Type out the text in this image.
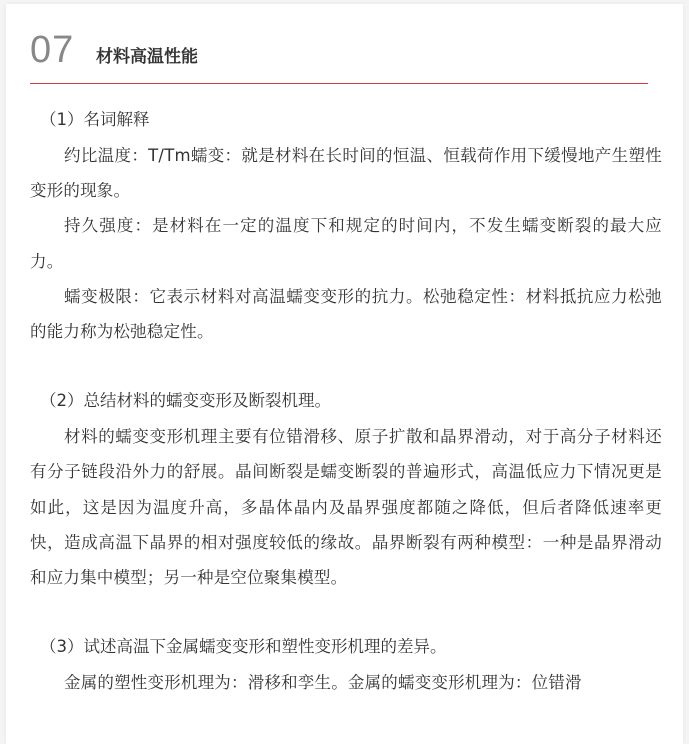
07 材料高温性能

（1）名词解释

约比温度：T/Tm蠕变：就是材料在长时间的恒温、恒载荷作用下缓慢地产生塑性变形的现象。

持久强度：是材料在一定的温度下和规定的时间内，不发生蠕变断裂的最大应力。

蠕变极限：它表示材料对高温蠕变变形的抗力。松弛稳定性：材料抵抗应力松弛的能力称为松弛稳定性。

（2）总结材料的蠕变变形及断裂机理。

材料的蠕变变形机理主要有位错滑移、原子扩散和晶界滑动，对于高分子材料还有分子链段沿外力的舒展。晶间断裂是蠕变断裂的普遍形式，高温低应力下情况更是如此，这是因为温度升高，多晶体晶内及晶界强度都随之降低，但后者降低速率更快，造成高温下晶界的相对强度较低的缘故。晶界断裂有两种模型：一种是晶界滑动和应力集中模型；另一种是空位聚集模型。

（3）试述高温下金属蠕变变形和塑性变形机理的差异。

金属的塑性变形机理为：滑移和孪生。金属的蠕变变形机理为：位错滑
